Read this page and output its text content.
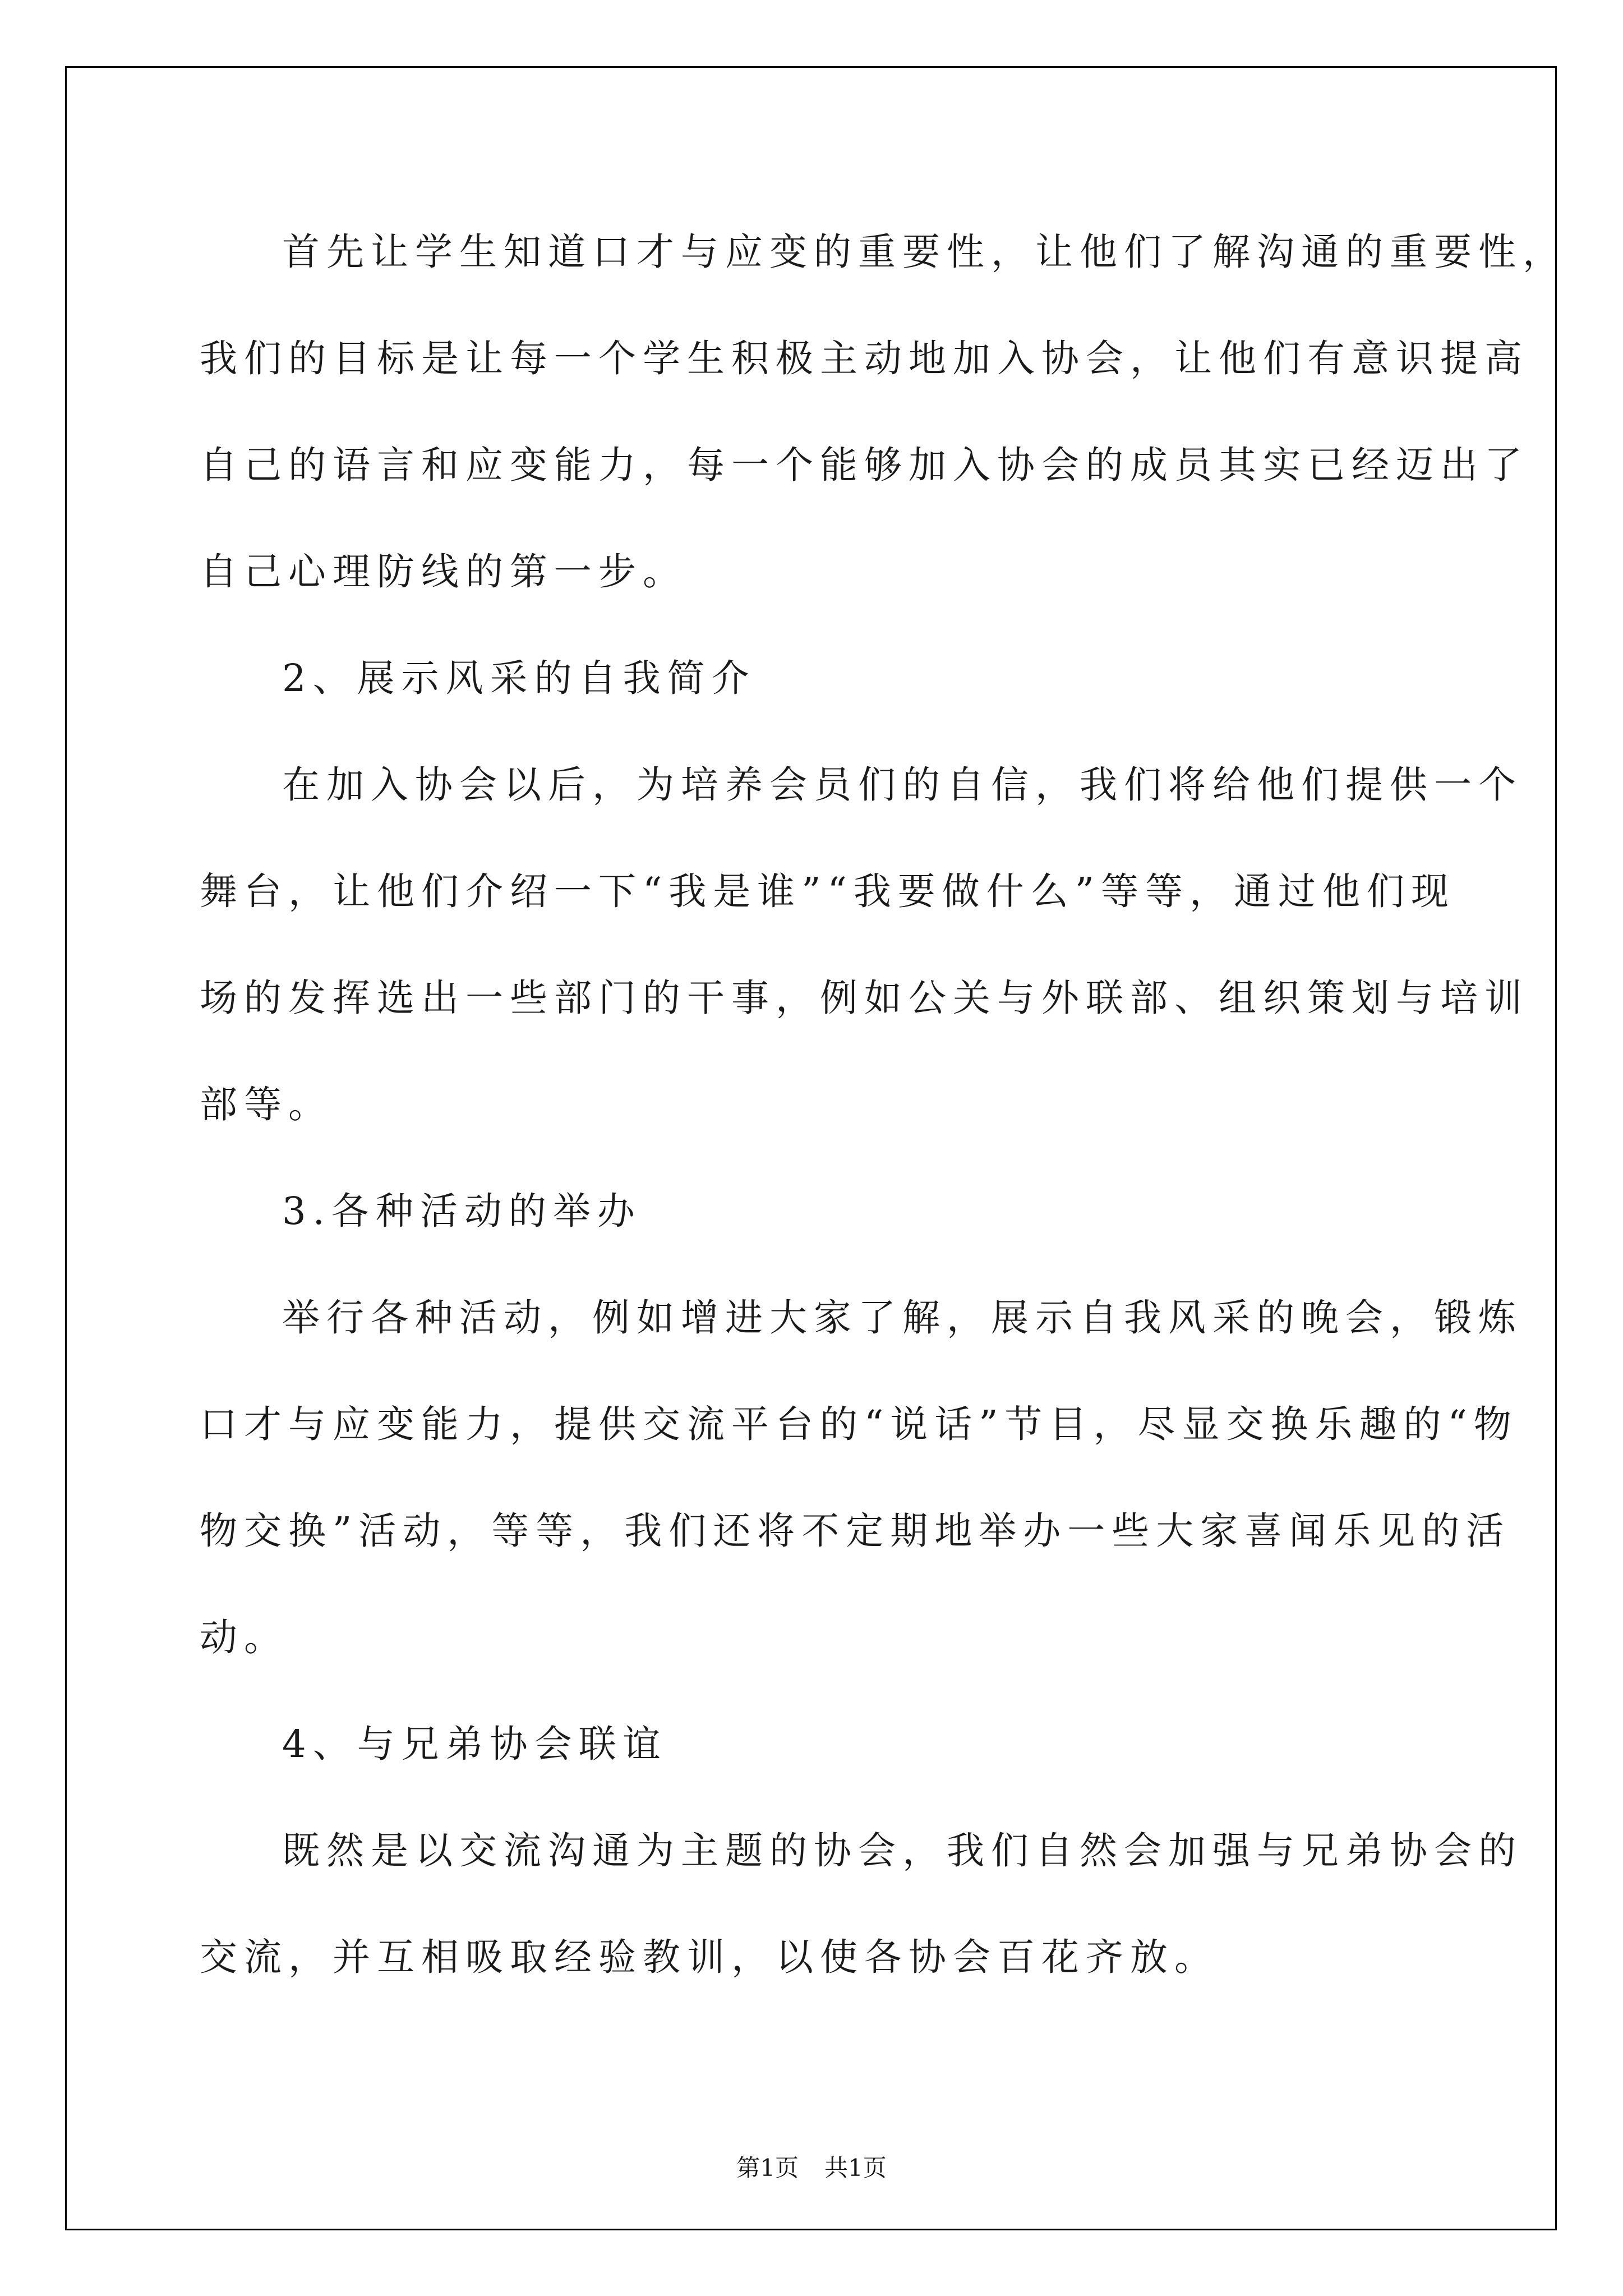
首先让学生知道口才与应变的重要性，让他们了解沟通的重要性，

我们的目标是让每一个学生积极主动地加入协会，让他们有意识提高

自己的语言和应变能力，每一个能够加入协会的成员其实已经迈出了

自己心理防线的第一步。

2、展示风采的自我简介

在加入协会以后，为培养会员们的自信，我们将给他们提供一个

舞台，让他们介绍一下“我是谁”“我要做什么”等等，通过他们现

场的发挥选出一些部门的干事，例如公关与外联部、组织策划与培训

部等。

3.各种活动的举办

举行各种活动，例如增进大家了解，展示自我风采的晚会，锻炼

口才与应变能力，提供交流平台的“说话”节目，尽显交换乐趣的“物

物交换”活动，等等，我们还将不定期地举办一些大家喜闻乐见的活

动。

4、与兄弟协会联谊

既然是以交流沟通为主题的协会，我们自然会加强与兄弟协会的

交流，并互相吸取经验教训，以使各协会百花齐放。

第1页 共1页
